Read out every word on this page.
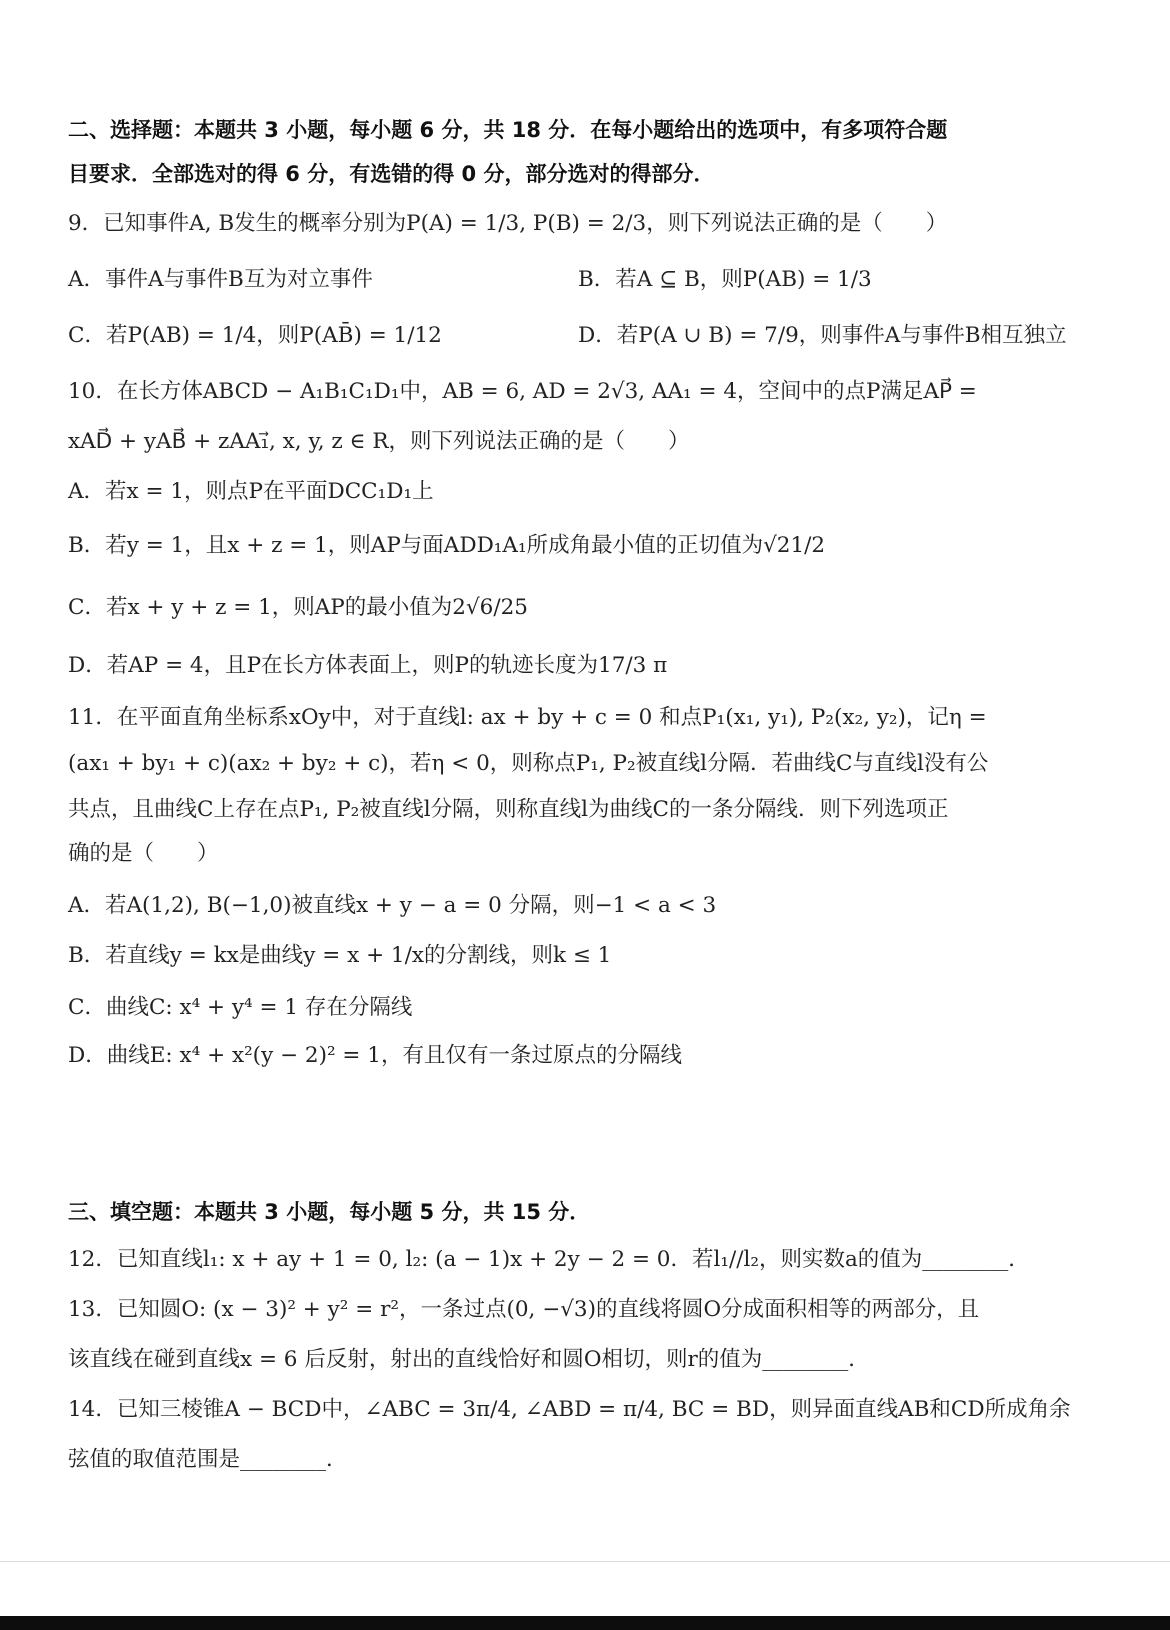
二、选择题：本题共 3 小题，每小题 6 分，共 18 分．在每小题给出的选项中，有多项符合题
目要求．全部选对的得 6 分，有选错的得 0 分，部分选对的得部分．
9．已知事件A, B发生的概率分别为P(A) = 1/3, P(B) = 2/3，则下列说法正确的是（　　）
A．事件A与事件B互为对立事件	B．若A ⊆ B，则P(AB) = 1/3
C．若P(AB) = 1/4，则P(AB̄) = 1/12	D．若P(A ∪ B) = 7/9，则事件A与事件B相互独立
10．在长方体ABCD − A₁B₁C₁D₁中，AB = 6, AD = 2√3, AA₁ = 4，空间中的点P满足AP⃗ =
xAD⃗ + yAB⃗ + zAA₁⃗, x, y, z ∈ R，则下列说法正确的是（　　）
A．若x = 1，则点P在平面DCC₁D₁上
B．若y = 1，且x + z = 1，则AP与面ADD₁A₁所成角最小值的正切值为√21/2
C．若x + y + z = 1，则AP的最小值为2√6/25
D．若AP = 4，且P在长方体表面上，则P的轨迹长度为17/3 π
11．在平面直角坐标系xOy中，对于直线l: ax + by + c = 0 和点P₁(x₁, y₁), P₂(x₂, y₂)，记η =
(ax₁ + by₁ + c)(ax₂ + by₂ + c)，若η < 0，则称点P₁, P₂被直线l分隔．若曲线C与直线l没有公
共点，且曲线C上存在点P₁, P₂被直线l分隔，则称直线l为曲线C的一条分隔线．则下列选项正
确的是（　　）
A．若A(1,2), B(−1,0)被直线x + y − a = 0 分隔，则−1 < a < 3
B．若直线y = kx是曲线y = x + 1/x的分割线，则k ≤ 1
C．曲线C: x⁴ + y⁴ = 1 存在分隔线
D．曲线E: x⁴ + x²(y − 2)² = 1，有且仅有一条过原点的分隔线
三、填空题：本题共 3 小题，每小题 5 分，共 15 分．
12．已知直线l₁: x + ay + 1 = 0, l₂: (a − 1)x + 2y − 2 = 0．若l₁//l₂，则实数a的值为________．
13．已知圆O: (x − 3)² + y² = r²，一条过点(0, −√3)的直线将圆O分成面积相等的两部分，且
该直线在碰到直线x = 6 后反射，射出的直线恰好和圆O相切，则r的值为________．
14．已知三棱锥A − BCD中，∠ABC = 3π/4, ∠ABD = π/4, BC = BD，则异面直线AB和CD所成角余
弦值的取值范围是________．
